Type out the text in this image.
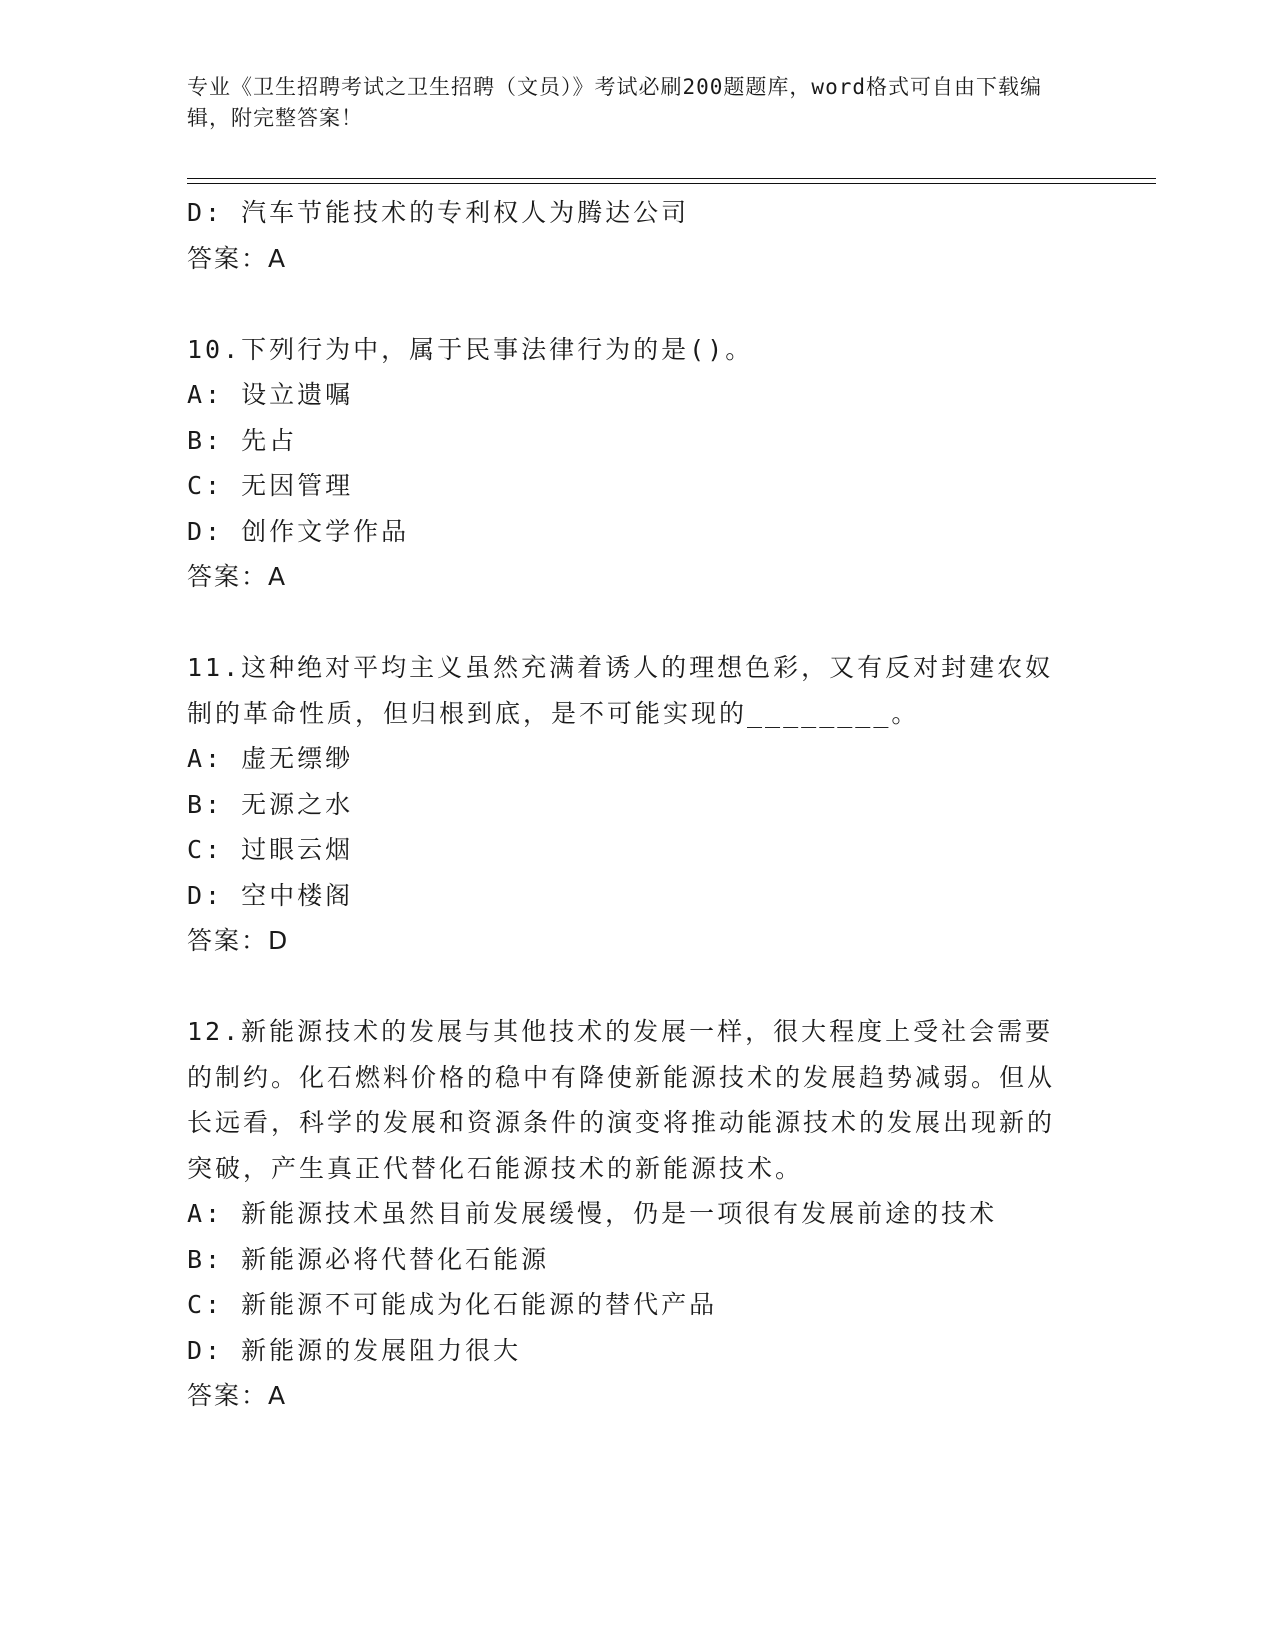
专业《卫生招聘考试之卫生招聘（文员）》考试必刷200题题库，word格式可自由下载编辑，附完整答案！
D: 汽车节能技术的专利权人为腾达公司
答案：A
10.下列行为中，属于民事法律行为的是()。
A: 设立遗嘱
B: 先占
C: 无因管理
D: 创作文学作品
答案：A
11.这种绝对平均主义虽然充满着诱人的理想色彩，又有反对封建农奴制的革命性质，但归根到底，是不可能实现的________。
A: 虚无缥缈
B: 无源之水
C: 过眼云烟
D: 空中楼阁
答案：D
12.新能源技术的发展与其他技术的发展一样，很大程度上受社会需要的制约。化石燃料价格的稳中有降使新能源技术的发展趋势减弱。但从长远看，科学的发展和资源条件的演变将推动能源技术的发展出现新的突破，产生真正代替化石能源技术的新能源技术。
A: 新能源技术虽然目前发展缓慢，仍是一项很有发展前途的技术
B: 新能源必将代替化石能源
C: 新能源不可能成为化石能源的替代产品
D: 新能源的发展阻力很大
答案：A
